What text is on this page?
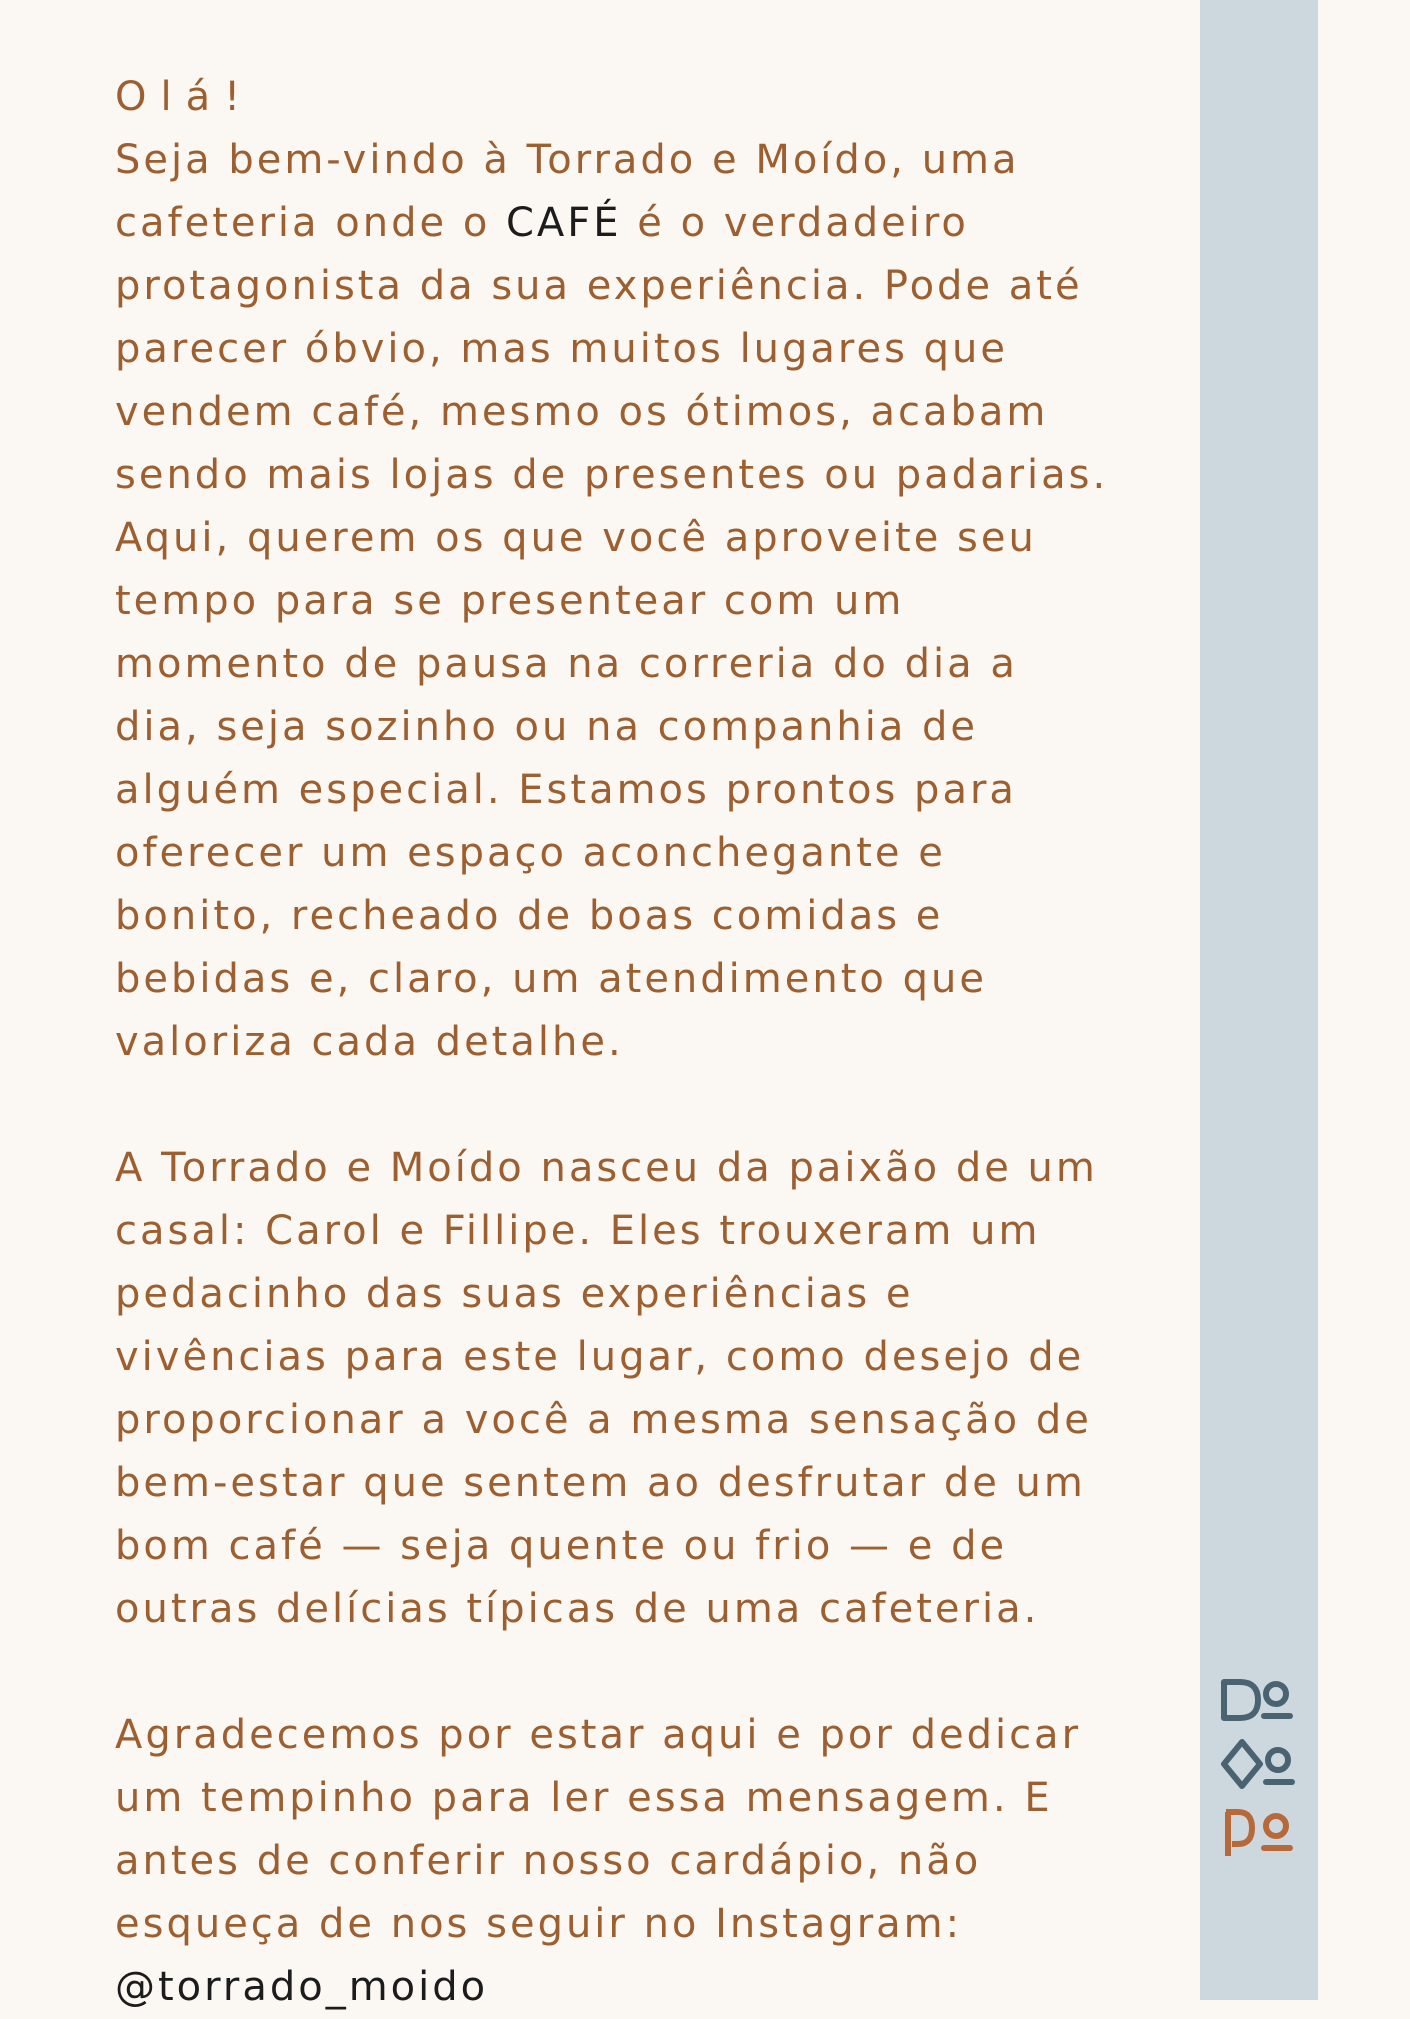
Olá!

Seja bem-vindo à Torrado e Moído, uma cafeteria onde o CAFÉ é o verdadeiro protagonista da sua experiência. Pode até parecer óbvio, mas muitos lugares que vendem café, mesmo os ótimos, acabam sendo mais lojas de presentes ou padarias. Aqui, querem os que você aproveite seu tempo para se presentear com um momento de pausa na correria do dia a dia, seja sozinho ou na companhia de alguém especial. Estamos prontos para oferecer um espaço aconchegante e bonito, recheado de boas comidas e bebidas e, claro, um atendimento que valoriza cada detalhe.

A Torrado e Moído nasceu da paixão de um casal: Carol e Fillipe. Eles trouxeram um pedacinho das suas experiências e vivências para este lugar, como desejo de proporcionar a você a mesma sensação de bem-estar que sentem ao desfrutar de um bom café — seja quente ou frio — e de outras delícias típicas de uma cafeteria.

Agradecemos por estar aqui e por dedicar um tempinho para ler essa mensagem. E antes de conferir nosso cardápio, não esqueça de nos seguir no Instagram:

@torrado_moido
